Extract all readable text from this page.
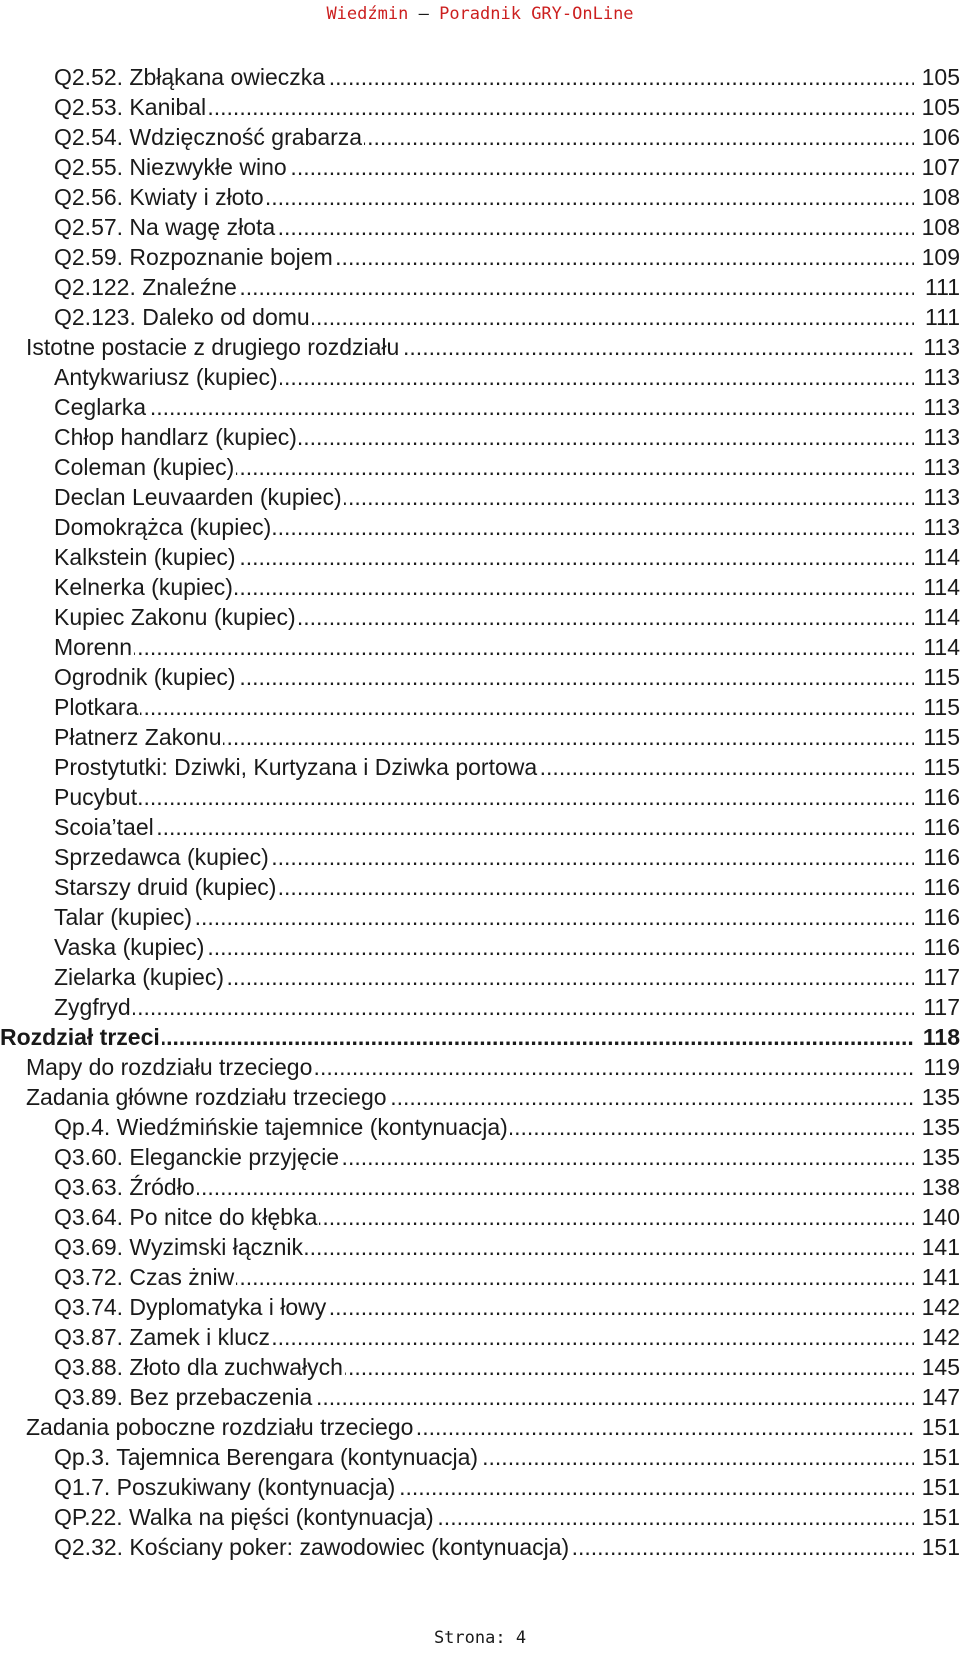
Wiedźmin – Poradnik GRY-OnLine
.....
Q2.52. Zbłąkana owieczka	105
.....
Q2.53. Kanibal	105
.....
Q2.54. Wdzięczność grabarza	106
.....
Q2.55. Niezwykłe wino	107
.....
Q2.56. Kwiaty i złoto	108
.....
Q2.57. Na wagę złota	108
.....
Q2.59. Rozpoznanie bojem	109
.....
Q2.122. Znaleźne	111
.....
Q2.123. Daleko od domu	111
.....
Istotne postacie z drugiego rozdziału	113
.....
Antykwariusz (kupiec)	113
.....
Ceglarka	113
.....
Chłop handlarz (kupiec)	113
.....
Coleman (kupiec)	113
.....
Declan Leuvaarden (kupiec)	113
.....
Domokrążca (kupiec)	113
.....
Kalkstein (kupiec)	114
.....
Kelnerka (kupiec)	114
.....
Kupiec Zakonu (kupiec)	114
.....
Morenn	114
.....
Ogrodnik (kupiec)	115
.....
Plotkara	115
.....
Płatnerz Zakonu	115
.....
Prostytutki: Dziwki, Kurtyzana i Dziwka portowa	115
.....
Pucybut	116
.....
Scoia’tael	116
.....
Sprzedawca (kupiec)	116
.....
Starszy druid (kupiec)	116
.....
Talar (kupiec)	116
.....
Vaska (kupiec)	116
.....
Zielarka (kupiec)	117
.....
Zygfryd	117
.....
Rozdział trzeci	118
.....
Mapy do rozdziału trzeciego	119
.....
Zadania główne rozdziału trzeciego	135
.....
Qp.4. Wiedźmińskie tajemnice (kontynuacja)	135
.....
Q3.60. Eleganckie przyjęcie	135
.....
Q3.63. Źródło	138
.....
Q3.64. Po nitce do kłębka	140
.....
Q3.69. Wyzimski łącznik	141
.....
Q3.72. Czas żniw	141
.....
Q3.74. Dyplomatyka i łowy	142
.....
Q3.87. Zamek i klucz	142
.....
Q3.88. Złoto dla zuchwałych	145
.....
Q3.89. Bez przebaczenia	147
.....
Zadania poboczne rozdziału trzeciego	151
.....
Qp.3. Tajemnica Berengara (kontynuacja)	151
.....
Q1.7. Poszukiwany (kontynuacja)	151
.....
QP.22. Walka na pięści (kontynuacja)	151
.....
Q2.32. Kościany poker: zawodowiec (kontynuacja)	151
Strona: 4
